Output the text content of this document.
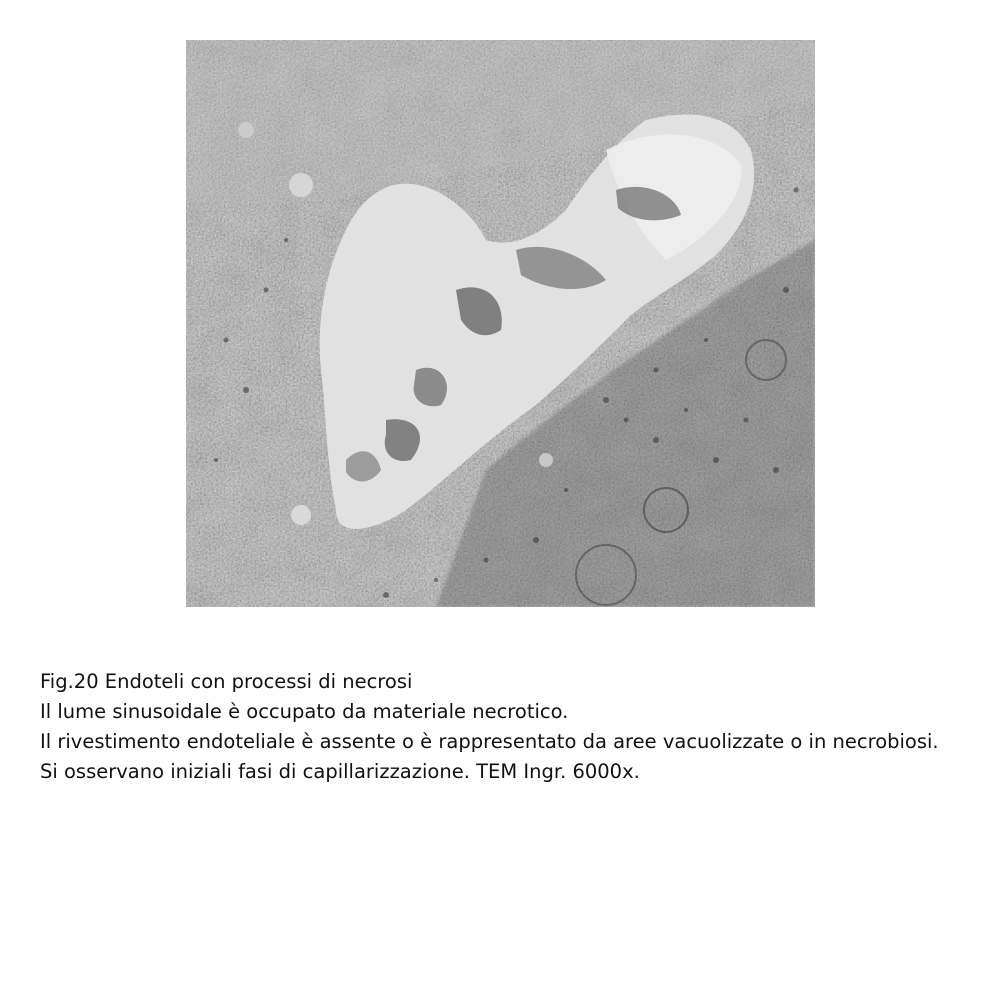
Fig.20 Endoteli con processi di necrosi
Il lume sinusoidale è occupato da materiale necrotico.
Il rivestimento endoteliale è assente o è rappresentato da aree vacuolizzate o in necrobiosi.
Si osservano iniziali fasi di capillarizzazione. TEM Ingr. 6000x.
